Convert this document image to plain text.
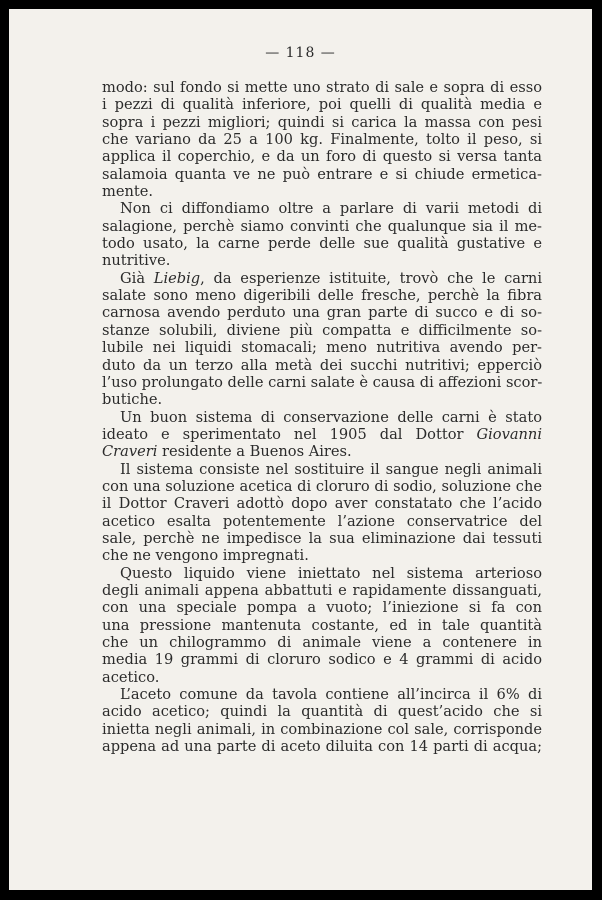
— 118 —
modo: sul fondo si mette uno strato di sale e sopra di esso
i pezzi di qualità inferiore, poi quelli di qualità media e
sopra i pezzi migliori; quindi si carica la massa con pesi
che variano da 25 a 100 kg. Finalmente, tolto il peso, si
applica il coperchio, e da un foro di questo si versa tanta
salamoia quanta ve ne può entrare e si chiude ermetica-
mente.
Non ci diffondiamo oltre a parlare di varii metodi di
salagione, perchè siamo convinti che qualunque sia il me-
todo usato, la carne perde delle sue qualità gustative e
nutritive.
Già Liebig, da esperienze istituite, trovò che le carni
salate sono meno digeribili delle fresche, perchè la fibra
carnosa avendo perduto una gran parte di succo e di so-
stanze solubili, diviene più compatta e difficilmente so-
lubile nei liquidi stomacali; meno nutritiva avendo per-
duto da un terzo alla metà dei succhi nutritivi; epperciò
l’uso prolungato delle carni salate è causa di affezioni scor-
butiche.
Un buon sistema di conservazione delle carni è stato
ideato e sperimentato nel 1905 dal Dottor Giovanni
Craveri residente a Buenos Aires.
Il sistema consiste nel sostituire il sangue negli animali
con una soluzione acetica di cloruro di sodio, soluzione che
il Dottor Craveri adottò dopo aver constatato che l’acido
acetico esalta potentemente l’azione conservatrice del
sale, perchè ne impedisce la sua eliminazione dai tessuti
che ne vengono impregnati.
Questo liquido viene iniettato nel sistema arterioso
degli animali appena abbattuti e rapidamente dissanguati,
con una speciale pompa a vuoto; l’iniezione si fa con
una pressione mantenuta costante, ed in tale quantità
che un chilogrammo di animale viene a contenere in
media 19 grammi di cloruro sodico e 4 grammi di acido
acetico.
L’aceto comune da tavola contiene all’incirca il 6% di
acido acetico; quindi la quantità di quest’acido che si
inietta negli animali, in combinazione col sale, corrisponde
appena ad una parte di aceto diluita con 14 parti di acqua;
